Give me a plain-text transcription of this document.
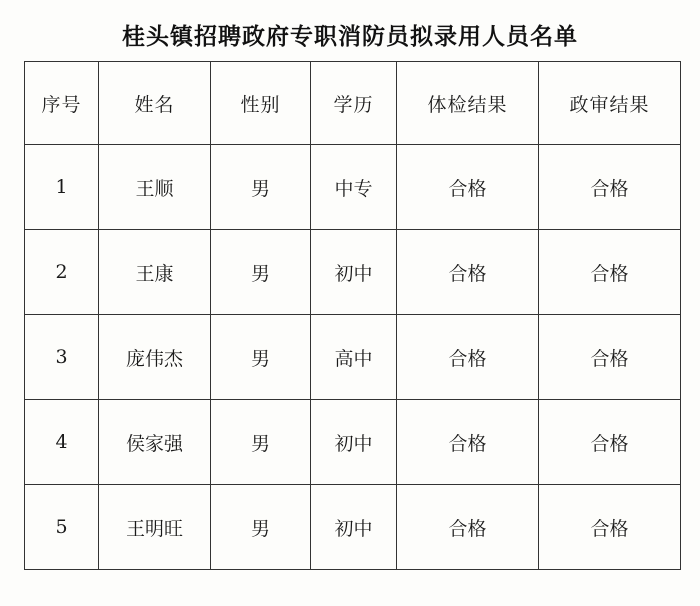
桂头镇招聘政府专职消防员拟录用人员名单
序号	姓名	性别	学历	体检结果	政审结果
1	王顺	男	中专	合格	合格
2	王康	男	初中	合格	合格
3	庞伟杰	男	高中	合格	合格
4	侯家强	男	初中	合格	合格
5	王明旺	男	初中	合格	合格
